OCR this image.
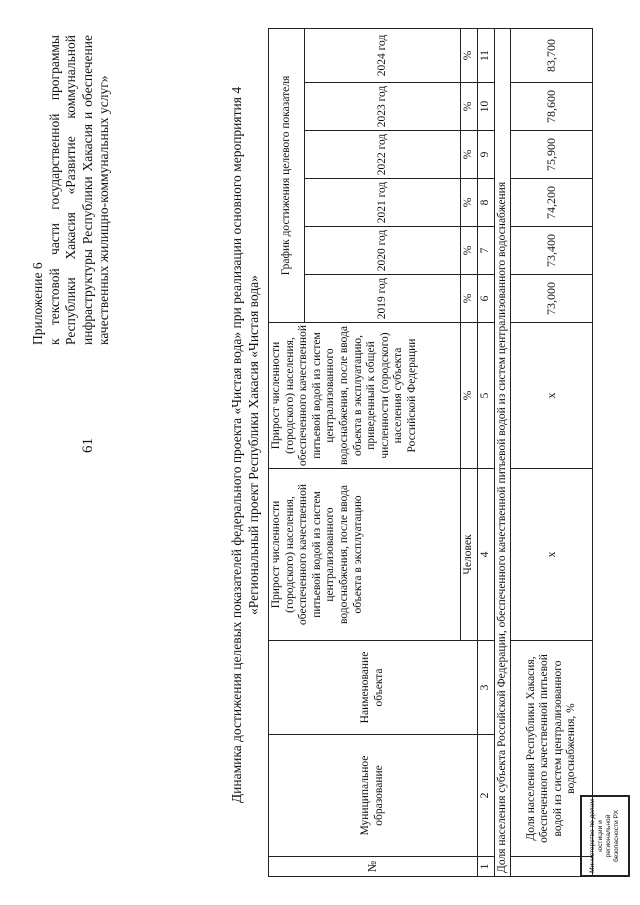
61
Приложение 6 к текстовой части государственной программы Республики Хакасия «Развитие коммунальной инфраструктуры Республики Хакасия и обеспечение качественных жилищно-коммунальных услуг»	Динамика достижения целевых показателей федерального проекта «Чистая вода» при реализации основного мероприятия 4 «Региональный проект Республики Хакасия «Чистая вода»
№	Муниципальное образование	Наименование объекта	Прирост численности (городского) населения, обеспеченного качественной питьевой водой из систем централизованного водоснабжения, после ввода объекта в эксплуатацию	Прирост численности (городского) населения, обеспеченного качественной питьевой водой из систем централизованного водоснабжения, после ввода объекта в эксплуатацию, приведенный к общей численности (городского) населения субъекта Российской Федерации	График достижения целевого показателя					
					2019 год	2020 год	2021 год	2022 год	2023 год	2024 год
			Человек	%	%	%	%	%	%	%
1	2	3	4	5	6	7	8	9	10	11
Доля населения субъекта Российской Федерации, обеспеченного качественной питьевой водой из систем централизованного водоснабжения										
	Доля населения Республики Хакасия, обеспеченного качественной питьевой водой из систем централизованного водоснабжения, %		х	х	73,000	73,400	74,200	75,900	78,600	83,700
Министерство по делам юстиции и региональной безопасности РХ
